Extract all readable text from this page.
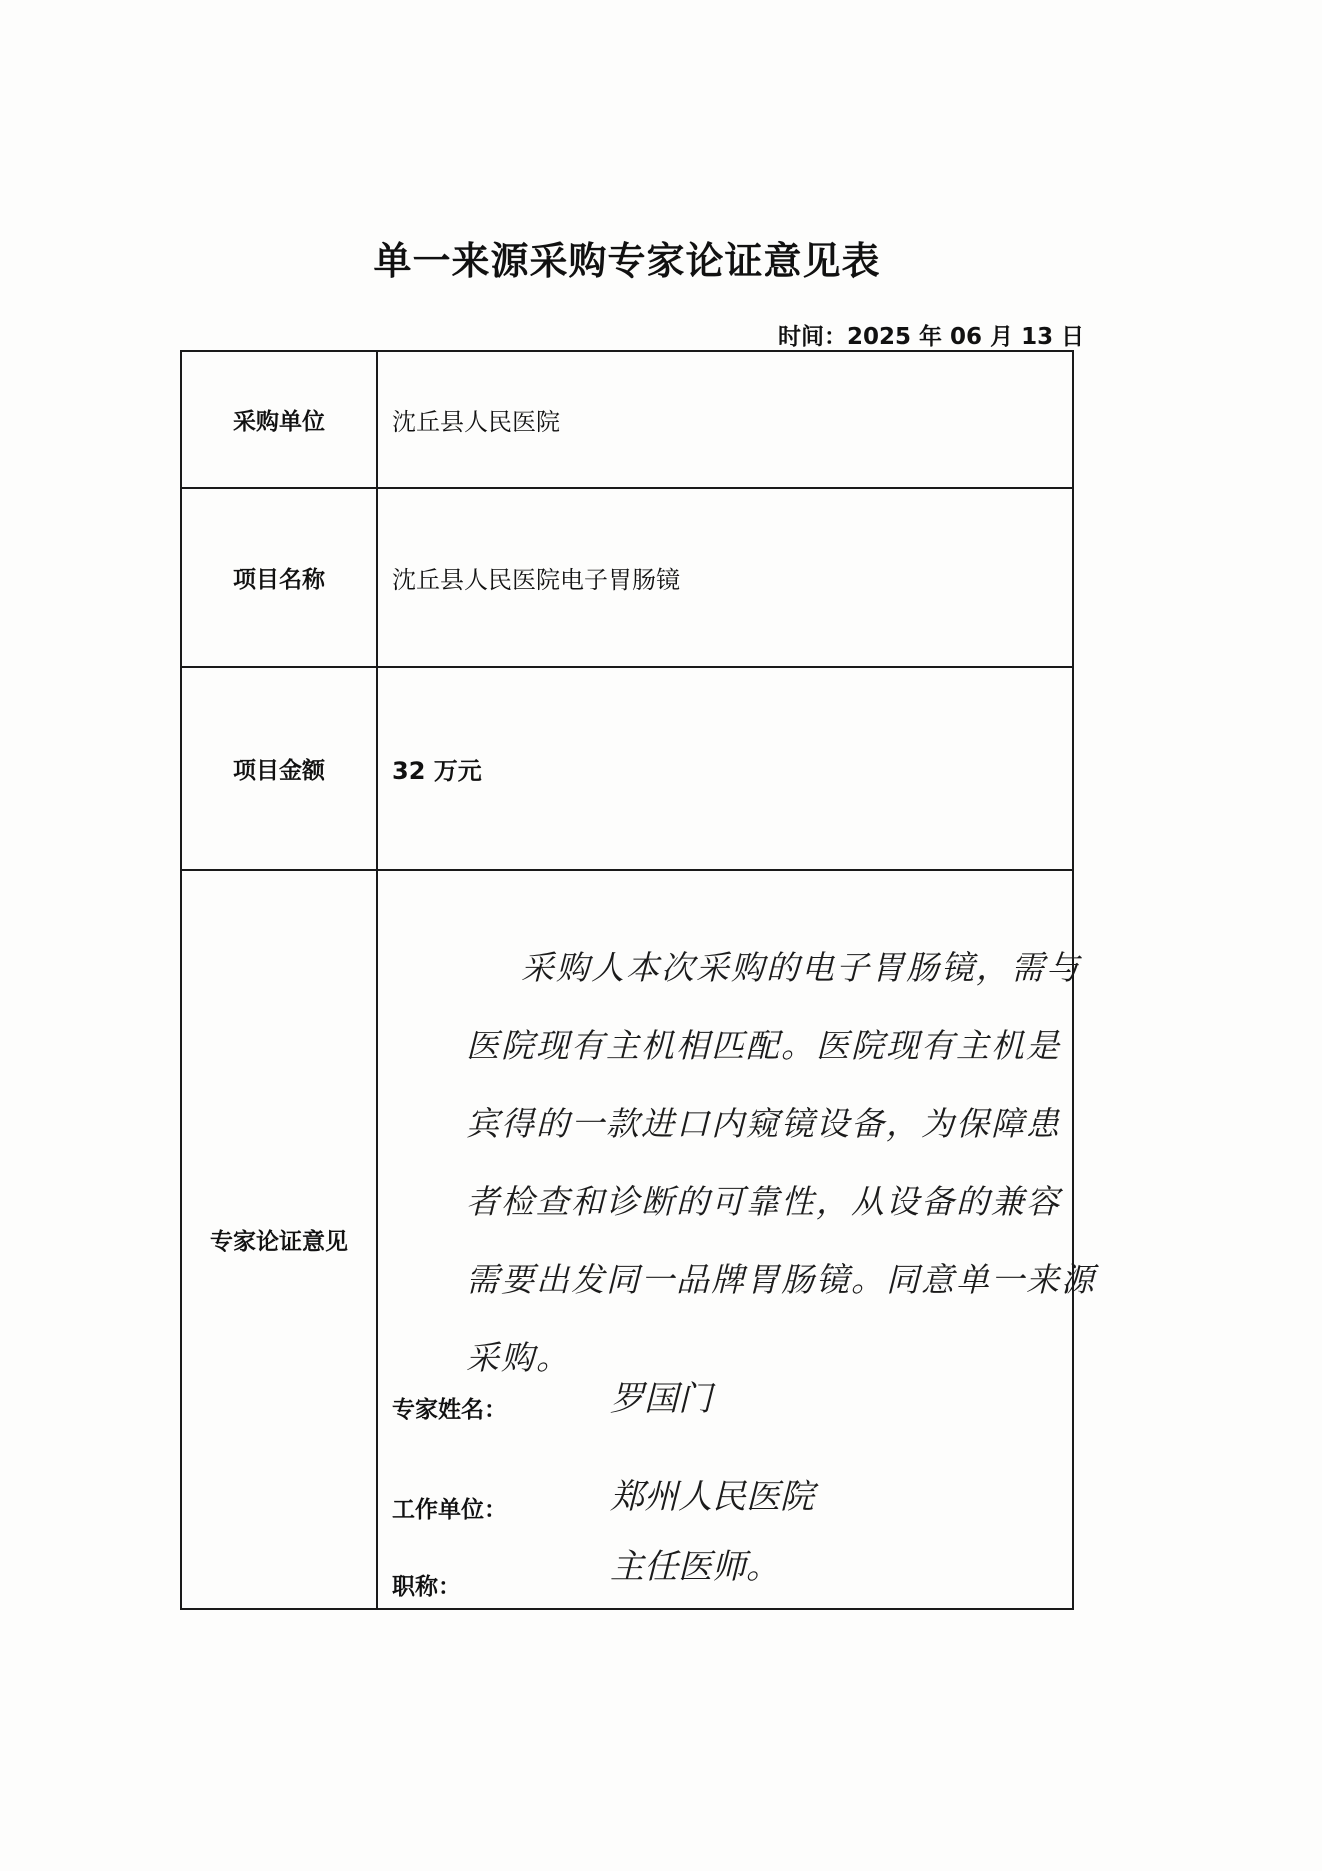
单一来源采购专家论证意见表
时间：2025 年 06 月 13 日
采购单位	沈丘县人民医院
项目名称	沈丘县人民医院电子胃肠镜
项目金额	32 万元
专家论证意见
采购人本次采购的电子胃肠镜，需与
医院现有主机相匹配。医院现有主机是
宾得的一款进口内窥镜设备，为保障患
者检查和诊断的可靠性，从设备的兼容
需要出发同一品牌胃肠镜。同意单一来源
采购。
专家姓名：	罗国门
工作单位：	郑州人民医院
职称：	主任医师。
